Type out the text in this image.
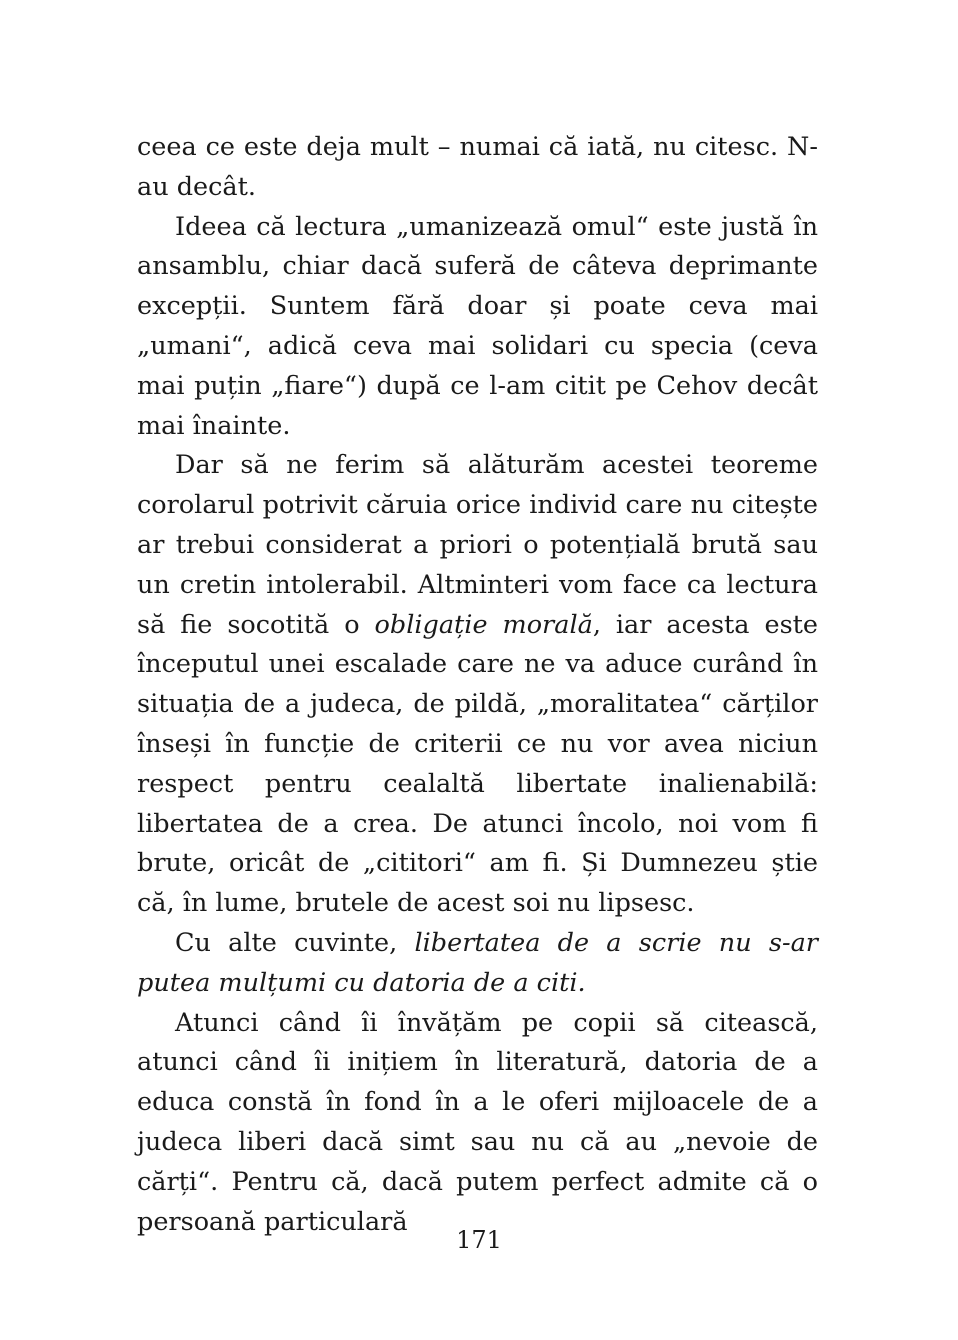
ceea ce este deja mult – numai că iată, nu citesc. N-au decât.

Ideea că lectura „umanizează omul“ este justă în ansamblu, chiar dacă suferă de câteva deprimante excepții. Suntem fără doar și poate ceva mai „umani“, adică ceva mai solidari cu specia (ceva mai puțin „fiare“) după ce l-am citit pe Cehov decât mai înainte.

Dar să ne ferim să alăturăm acestei teoreme corolarul potrivit căruia orice individ care nu citește ar trebui considerat a priori o potențială brută sau un cretin intolerabil. Altminteri vom face ca lectura să fie socotită o obligație morală, iar acesta este începutul unei escalade care ne va aduce curând în situația de a judeca, de pildă, „moralitatea“ cărților înseși în funcție de criterii ce nu vor avea niciun respect pentru cealaltă libertate inalienabilă: libertatea de a crea. De atunci încolo, noi vom fi brute, oricât de „cititori“ am fi. Și Dumnezeu știe că, în lume, brutele de acest soi nu lipsesc.

Cu alte cuvinte, libertatea de a scrie nu s-ar putea mulțumi cu datoria de a citi.

Atunci când îi învățăm pe copii să citească, atunci când îi inițiem în literatură, datoria de a educa constă în fond în a le oferi mijloacele de a judeca liberi dacă simt sau nu că au „nevoie de cărți“. Pentru că, dacă putem perfect admite că o persoană particulară

171
